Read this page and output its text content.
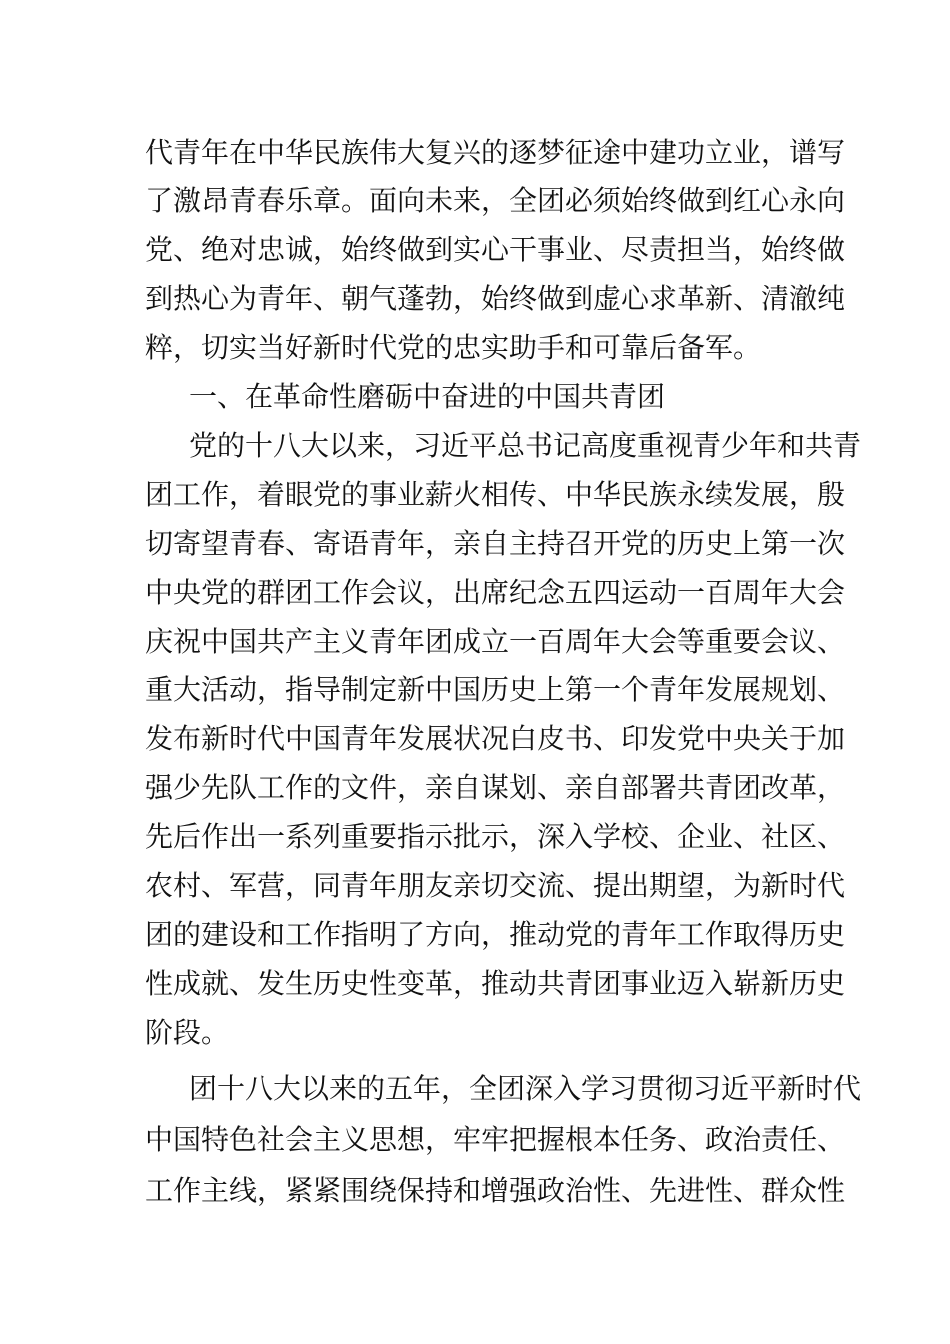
代青年在中华民族伟大复兴的逐梦征途中建功立业，谱写
了激昂青春乐章。面向未来，全团必须始终做到红心永向
党、绝对忠诚，始终做到实心干事业、尽责担当，始终做
到热心为青年、朝气蓬勃，始终做到虚心求革新、清澈纯
粹，切实当好新时代党的忠实助手和可靠后备军。
一、在革命性磨砺中奋进的中国共青团
党的十八大以来，习近平总书记高度重视青少年和共青
团工作，着眼党的事业薪火相传、中华民族永续发展，殷
切寄望青春、寄语青年，亲自主持召开党的历史上第一次
中央党的群团工作会议，出席纪念五四运动一百周年大会
庆祝中国共产主义青年团成立一百周年大会等重要会议、
重大活动，指导制定新中国历史上第一个青年发展规划、
发布新时代中国青年发展状况白皮书、印发党中央关于加
强少先队工作的文件，亲自谋划、亲自部署共青团改革，
先后作出一系列重要指示批示，深入学校、企业、社区、
农村、军营，同青年朋友亲切交流、提出期望，为新时代
团的建设和工作指明了方向，推动党的青年工作取得历史
性成就、发生历史性变革，推动共青团事业迈入崭新历史
阶段。
团十八大以来的五年，全团深入学习贯彻习近平新时代
中国特色社会主义思想，牢牢把握根本任务、政治责任、
工作主线，紧紧围绕保持和增强政治性、先进性、群众性
